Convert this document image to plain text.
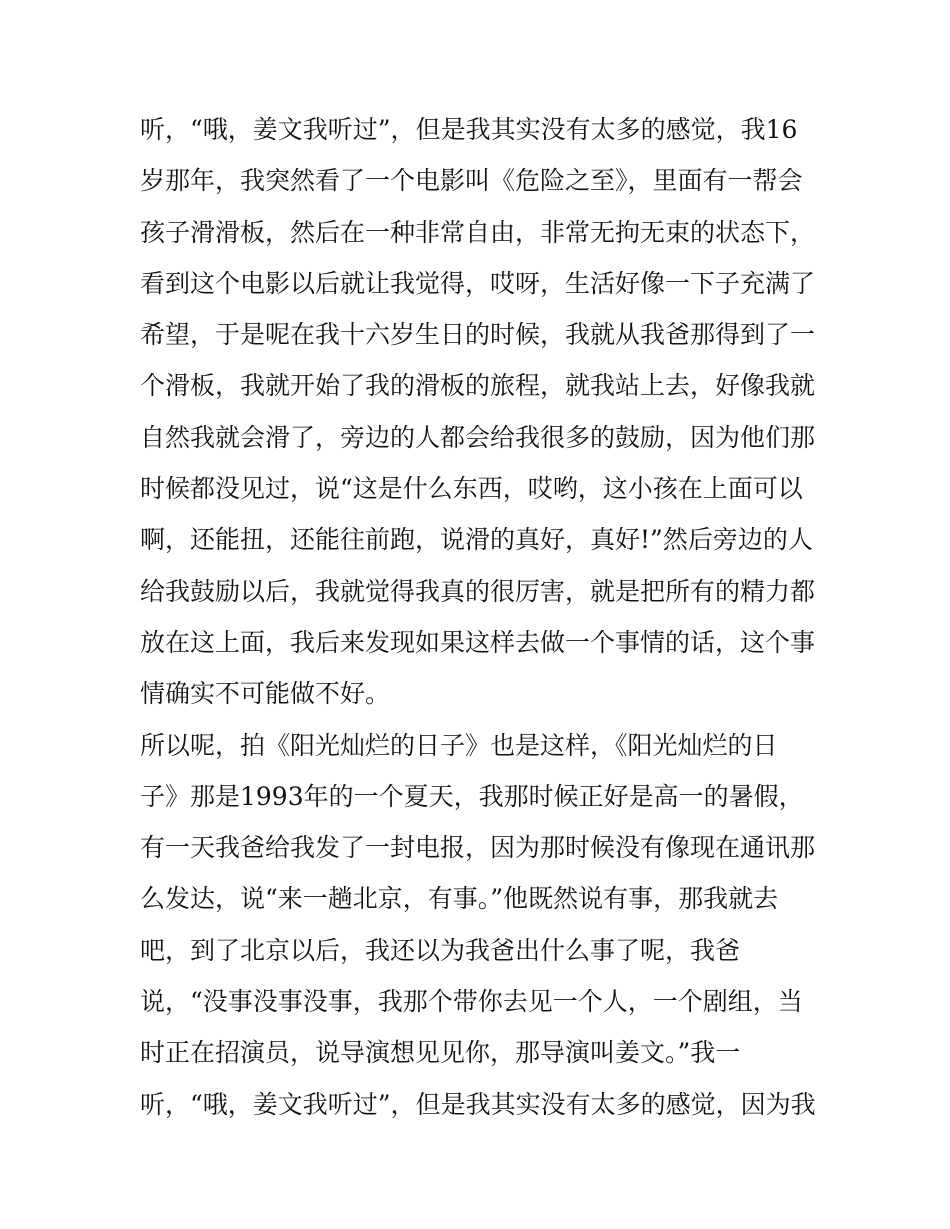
听，“哦，姜文我听过”，但是我其实没有太多的感觉，我16
岁那年，我突然看了一个电影叫《危险之至》，里面有一帮会
孩子滑滑板，然后在一种非常自由，非常无拘无束的状态下，
看到这个电影以后就让我觉得，哎呀，生活好像一下子充满了
希望，于是呢在我十六岁生日的时候，我就从我爸那得到了一
个滑板，我就开始了我的滑板的旅程，就我站上去，好像我就
自然我就会滑了，旁边的人都会给我很多的鼓励，因为他们那
时候都没见过，说“这是什么东西，哎哟，这小孩在上面可以
啊，还能扭，还能往前跑，说滑的真好，真好!”然后旁边的人
给我鼓励以后，我就觉得我真的很厉害，就是把所有的精力都
放在这上面，我后来发现如果这样去做一个事情的话，这个事
情确实不可能做不好。
所以呢，拍《阳光灿烂的日子》也是这样，《阳光灿烂的日
子》那是1993年的一个夏天，我那时候正好是高一的暑假，
有一天我爸给我发了一封电报，因为那时候没有像现在通讯那
么发达，说“来一趟北京，有事。”他既然说有事，那我就去
吧，到了北京以后，我还以为我爸出什么事了呢，我爸
说，“没事没事没事，我那个带你去见一个人，一个剧组，当
时正在招演员，说导演想见见你，那导演叫姜文。”我一
听，“哦，姜文我听过”，但是我其实没有太多的感觉，因为我
